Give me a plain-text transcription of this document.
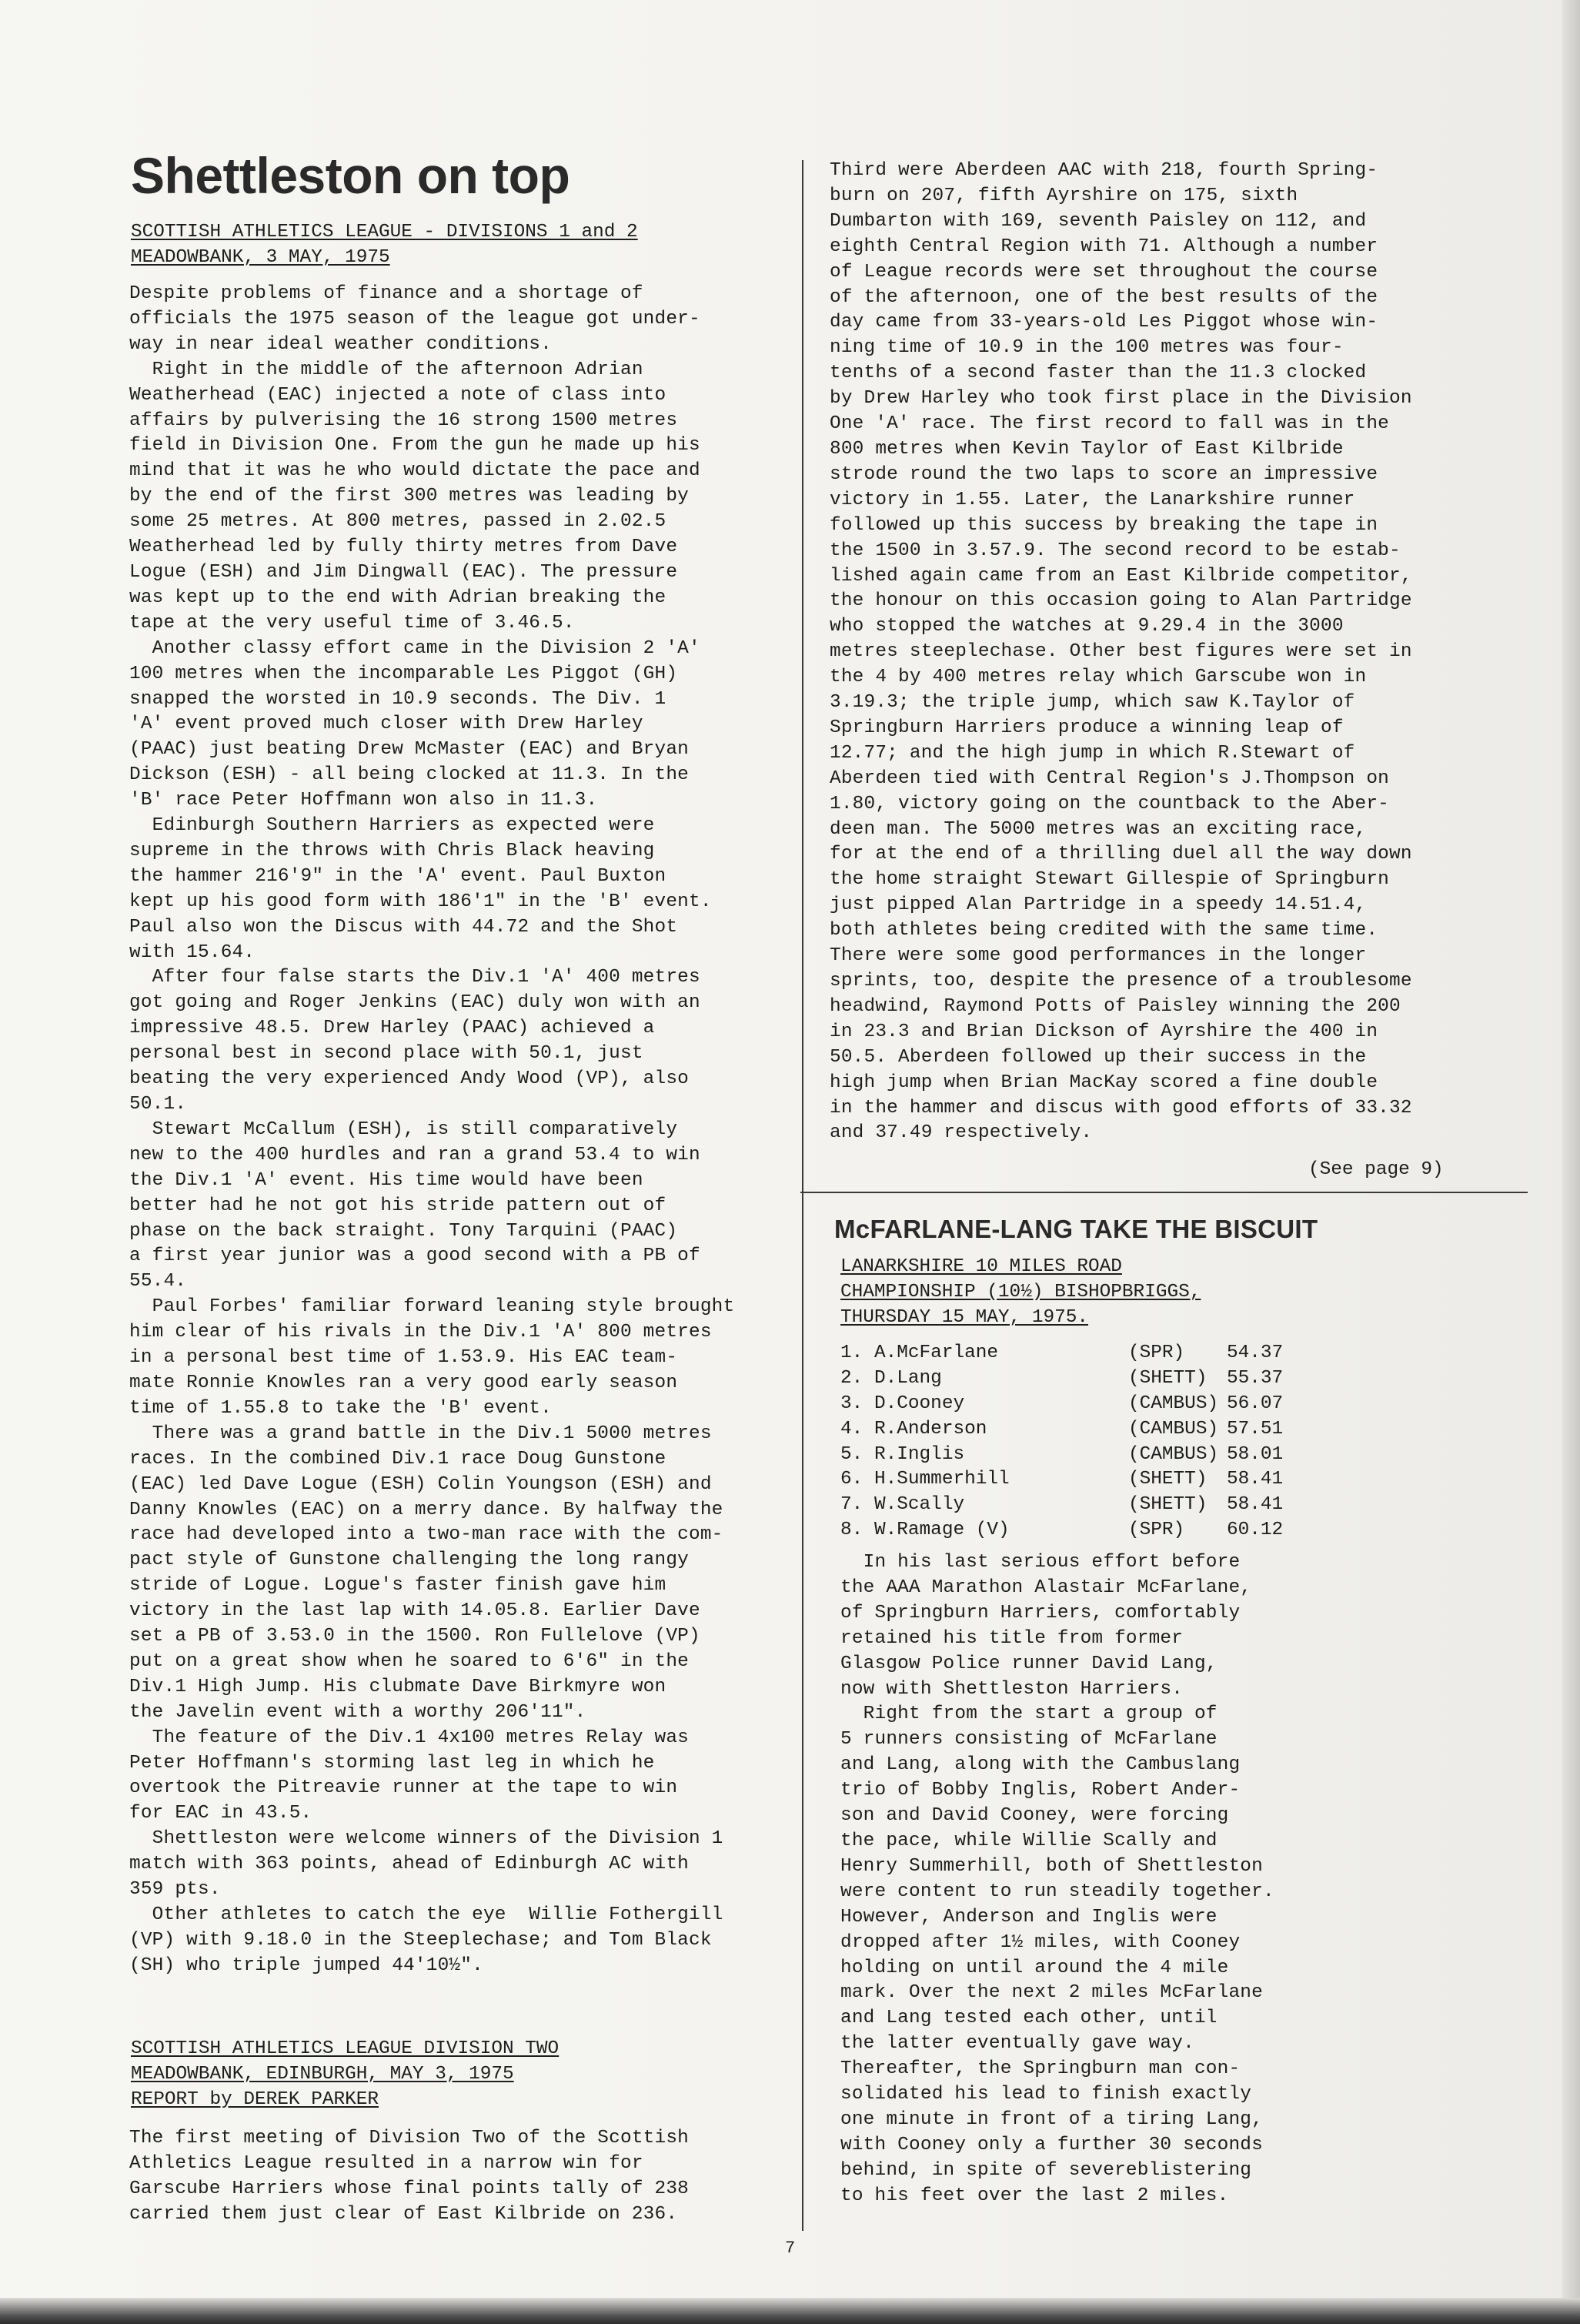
Shettleston on top
SCOTTISH ATHLETICS LEAGUE - DIVISIONS 1 and 2
MEADOWBANK, 3 MAY, 1975
Despite problems of finance and a shortage of
officials the 1975 season of the league got under-
way in near ideal weather conditions.
Right in the middle of the afternoon Adrian
Weatherhead (EAC) injected a note of class into
affairs by pulverising the 16 strong 1500 metres
field in Division One. From the gun he made up his
mind that it was he who would dictate the pace and
by the end of the first 300 metres was leading by
some 25 metres. At 800 metres, passed in 2.02.5
Weatherhead led by fully thirty metres from Dave
Logue (ESH) and Jim Dingwall (EAC). The pressure
was kept up to the end with Adrian breaking the
tape at the very useful time of 3.46.5.
Another classy effort came in the Division 2 'A'
100 metres when the incomparable Les Piggot (GH)
snapped the worsted in 10.9 seconds. The Div. 1
'A' event proved much closer with Drew Harley
(PAAC) just beating Drew McMaster (EAC) and Bryan
Dickson (ESH) - all being clocked at 11.3. In the
'B' race Peter Hoffmann won also in 11.3.
Edinburgh Southern Harriers as expected were
supreme in the throws with Chris Black heaving
the hammer 216'9" in the 'A' event. Paul Buxton
kept up his good form with 186'1" in the 'B' event.
Paul also won the Discus with 44.72 and the Shot
with 15.64.
After four false starts the Div.1 'A' 400 metres
got going and Roger Jenkins (EAC) duly won with an
impressive 48.5. Drew Harley (PAAC) achieved a
personal best in second place with 50.1, just
beating the very experienced Andy Wood (VP), also
50.1.
Stewart McCallum (ESH), is still comparatively
new to the 400 hurdles and ran a grand 53.4 to win
the Div.1 'A' event. His time would have been
better had he not got his stride pattern out of
phase on the back straight. Tony Tarquini (PAAC)
a first year junior was a good second with a PB of
55.4.
Paul Forbes' familiar forward leaning style brought
him clear of his rivals in the Div.1 'A' 800 metres
in a personal best time of 1.53.9. His EAC team-
mate Ronnie Knowles ran a very good early season
time of 1.55.8 to take the 'B' event.
There was a grand battle in the Div.1 5000 metres
races. In the combined Div.1 race Doug Gunstone
(EAC) led Dave Logue (ESH) Colin Youngson (ESH) and
Danny Knowles (EAC) on a merry dance. By halfway the
race had developed into a two-man race with the com-
pact style of Gunstone challenging the long rangy
stride of Logue. Logue's faster finish gave him
victory in the last lap with 14.05.8. Earlier Dave
set a PB of 3.53.0 in the 1500. Ron Fullelove (VP)
put on a great show when he soared to 6'6" in the
Div.1 High Jump. His clubmate Dave Birkmyre won
the Javelin event with a worthy 206'11".
The feature of the Div.1 4x100 metres Relay was
Peter Hoffmann's storming last leg in which he
overtook the Pitreavie runner at the tape to win
for EAC in 43.5.
Shettleston were welcome winners of the Division 1
match with 363 points, ahead of Edinburgh AC with
359 pts.
Other athletes to catch the eye  Willie Fothergill
(VP) with 9.18.0 in the Steeplechase; and Tom Black
(SH) who triple jumped 44'10½".
SCOTTISH ATHLETICS LEAGUE DIVISION TWO
MEADOWBANK, EDINBURGH, MAY 3, 1975
REPORT by DEREK PARKER
The first meeting of Division Two of the Scottish
Athletics League resulted in a narrow win for
Garscube Harriers whose final points tally of 238
carried them just clear of East Kilbride on 236.
Third were Aberdeen AAC with 218, fourth Spring-
burn on 207, fifth Ayrshire on 175, sixth
Dumbarton with 169, seventh Paisley on 112, and
eighth Central Region with 71. Although a number
of League records were set throughout the course
of the afternoon, one of the best results of the
day came from 33-years-old Les Piggot whose win-
ning time of 10.9 in the 100 metres was four-
tenths of a second faster than the 11.3 clocked
by Drew Harley who took first place in the Division
One 'A' race. The first record to fall was in the
800 metres when Kevin Taylor of East Kilbride
strode round the two laps to score an impressive
victory in 1.55. Later, the Lanarkshire runner
followed up this success by breaking the tape in
the 1500 in 3.57.9. The second record to be estab-
lished again came from an East Kilbride competitor,
the honour on this occasion going to Alan Partridge
who stopped the watches at 9.29.4 in the 3000
metres steeplechase. Other best figures were set in
the 4 by 400 metres relay which Garscube won in
3.19.3; the triple jump, which saw K.Taylor of
Springburn Harriers produce a winning leap of
12.77; and the high jump in which R.Stewart of
Aberdeen tied with Central Region's J.Thompson on
1.80, victory going on the countback to the Aber-
deen man. The 5000 metres was an exciting race,
for at the end of a thrilling duel all the way down
the home straight Stewart Gillespie of Springburn
just pipped Alan Partridge in a speedy 14.51.4,
both athletes being credited with the same time.
There were some good performances in the longer
sprints, too, despite the presence of a troublesome
headwind, Raymond Potts of Paisley winning the 200
in 23.3 and Brian Dickson of Ayrshire the 400 in
50.5. Aberdeen followed up their success in the
high jump when Brian MacKay scored a fine double
in the hammer and discus with good efforts of 33.32
and 37.49 respectively.
(See page 9)
McFARLANE-LANG TAKE THE BISCUIT
LANARKSHIRE 10 MILES ROAD
CHAMPIONSHIP (10½) BISHOPBRIGGS,
THURSDAY 15 MAY, 1975.
1. A.McFarlane	(SPR)	54.37
2. D.Lang	(SHETT)	55.37
3. D.Cooney	(CAMBUS) 56.07
4. R.Anderson	(CAMBUS) 57.51
5. R.Inglis	(CAMBUS) 58.01
6. H.Summerhill	(SHETT)	58.41
7. W.Scally	(SHETT)	58.41
8. W.Ramage (V)	(SPR)	60.12
In his last serious effort before
the AAA Marathon Alastair McFarlane,
of Springburn Harriers, comfortably
retained his title from former
Glasgow Police runner David Lang,
now with Shettleston Harriers.
Right from the start a group of
5 runners consisting of McFarlane
and Lang, along with the Cambuslang
trio of Bobby Inglis, Robert Ander-
son and David Cooney, were forcing
the pace, while Willie Scally and
Henry Summerhill, both of Shettleston
were content to run steadily together.
However, Anderson and Inglis were
dropped after 1½ miles, with Cooney
holding on until around the 4 mile
mark. Over the next 2 miles McFarlane
and Lang tested each other, until
the latter eventually gave way.
Thereafter, the Springburn man con-
solidated his lead to finish exactly
one minute in front of a tiring Lang,
with Cooney only a further 30 seconds
behind, in spite of severeblistering
to his feet over the last 2 miles.
7
